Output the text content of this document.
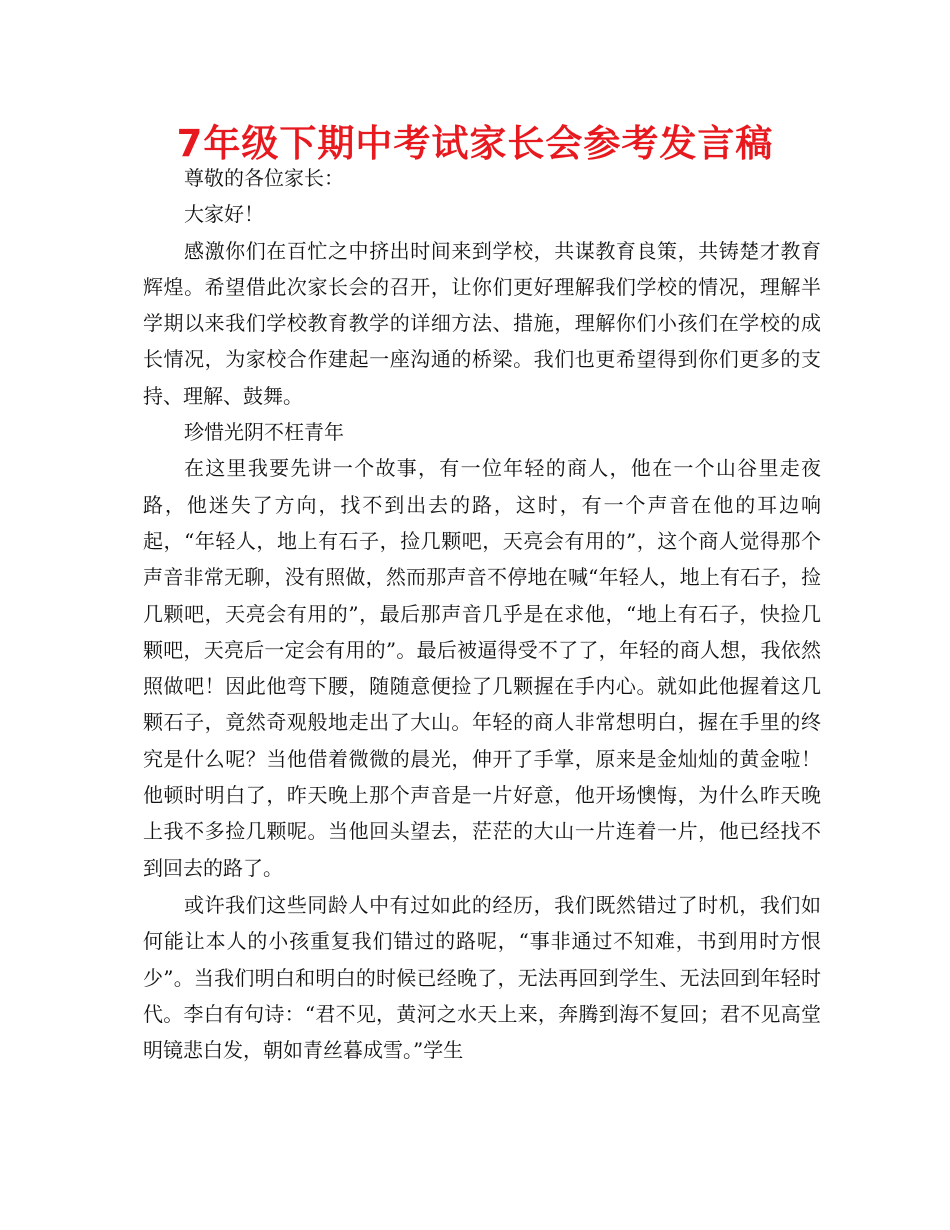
7年级下期中考试家长会参考发言稿

尊敬的各位家长：

大家好！

感激你们在百忙之中挤出时间来到学校，共谋教育良策，共铸楚才教育辉煌。希望借此次家长会的召开，让你们更好理解我们学校的情况，理解半学期以来我们学校教育教学的详细方法、措施，理解你们小孩们在学校的成长情况，为家校合作建起一座沟通的桥梁。我们也更希望得到你们更多的支持、理解、鼓舞。

珍惜光阴不枉青年

在这里我要先讲一个故事，有一位年轻的商人，他在一个山谷里走夜路，他迷失了方向，找不到出去的路，这时，有一个声音在他的耳边响起，“年轻人，地上有石子，捡几颗吧，天亮会有用的”，这个商人觉得那个声音非常无聊，没有照做，然而那声音不停地在喊“年轻人，地上有石子，捡几颗吧，天亮会有用的”，最后那声音几乎是在求他，“地上有石子，快捡几颗吧，天亮后一定会有用的”。最后被逼得受不了了，年轻的商人想，我依然照做吧！因此他弯下腰，随随意便捡了几颗握在手内心。就如此他握着这几颗石子，竟然奇观般地走出了大山。年轻的商人非常想明白，握在手里的终究是什么呢？当他借着微微的晨光，伸开了手掌，原来是金灿灿的黄金啦！他顿时明白了，昨天晚上那个声音是一片好意，他开场懊悔，为什么昨天晚上我不多捡几颗呢。当他回头望去，茫茫的大山一片连着一片，他已经找不到回去的路了。

或许我们这些同龄人中有过如此的经历，我们既然错过了时机，我们如何能让本人的小孩重复我们错过的路呢，“事非通过不知难，书到用时方恨少”。当我们明白和明白的时候已经晚了，无法再回到学生、无法回到年轻时代。李白有句诗：“君不见，黄河之水天上来，奔腾到海不复回；君不见高堂明镜悲白发，朝如青丝暮成雪。”学生
